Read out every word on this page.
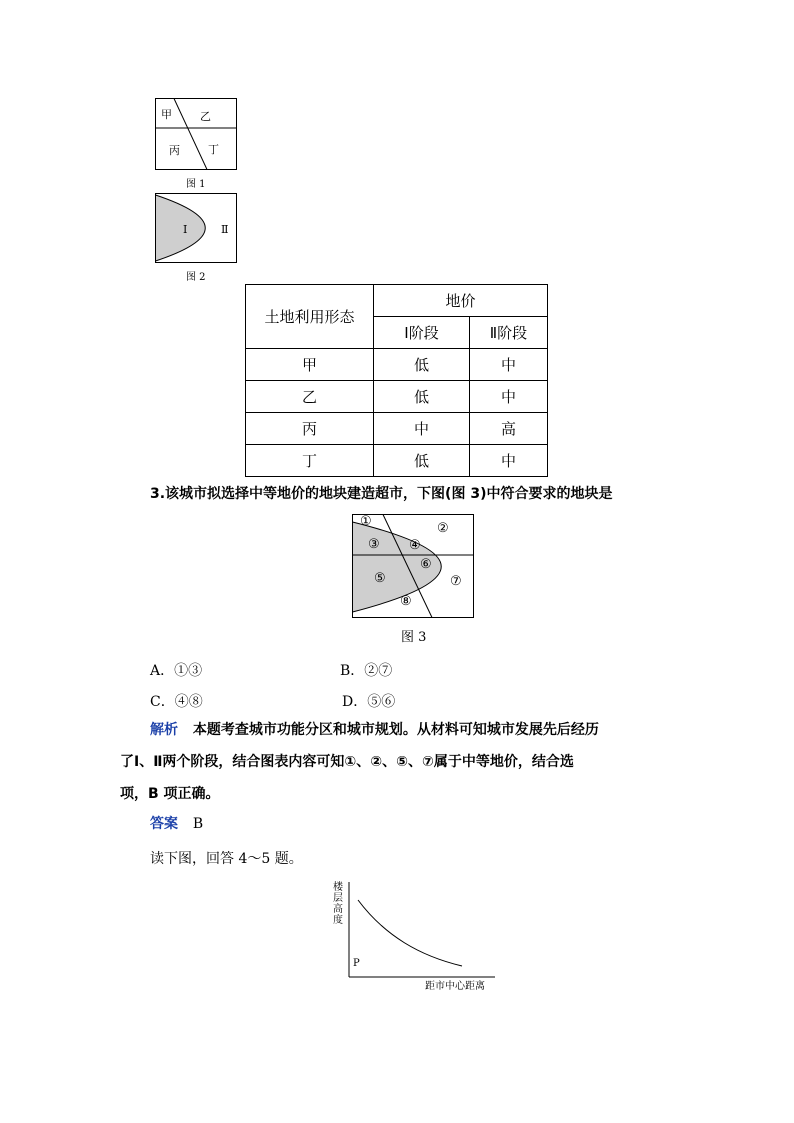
甲	乙
丙	丁
图 1
Ⅰ	Ⅱ
图 2
土地利用形态	地价	
	Ⅰ阶段	Ⅱ阶段
甲	低	中
乙	低	中
丙	中	高
丁	低	中
3.该城市拟选择中等地价的地块建造超市，下图(图 3)中符合要求的地块是
①	②
③ ④
⑤
⑥
⑦
⑧
图 3
A．①③	B．②⑦
C．④⑧	D．⑤⑥
解析 本题考查城市功能分区和城市规划。从材料可知城市发展先后经历
了Ⅰ、Ⅱ两个阶段，结合图表内容可知①、②、⑤、⑦属于中等地价，结合选
项，B 项正确。
答案 B
读下图，回答 4～5 题。
楼
层
高
度
P
距市中心距离
